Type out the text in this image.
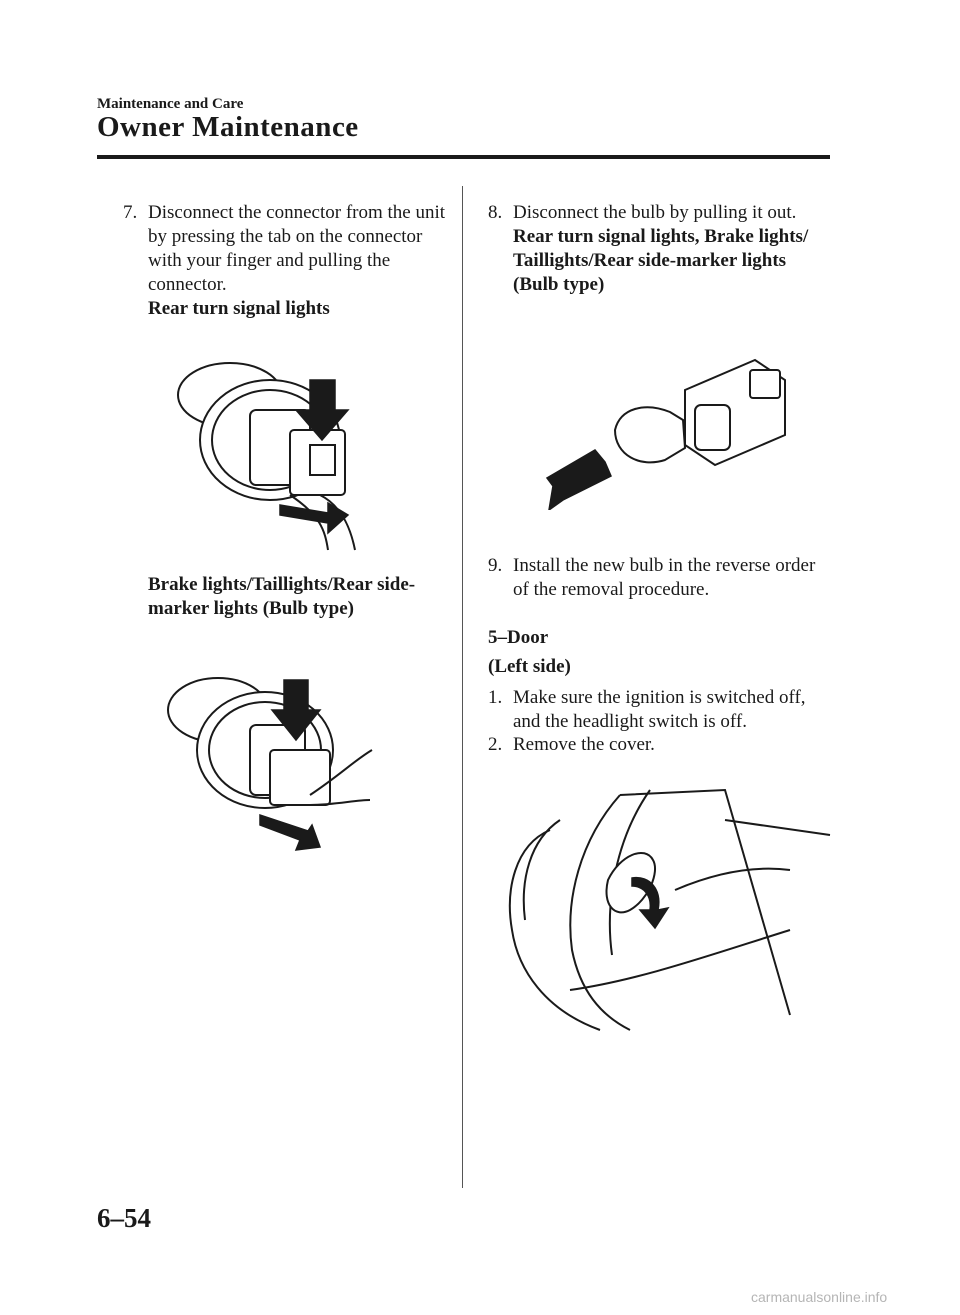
Maintenance and Care
Owner Maintenance
7. Disconnect the connector from the unit
by pressing the tab on the connector
with your finger and pulling the
connector.
Rear turn signal lights
Brake lights/Taillights/Rear side-
marker lights (Bulb type)
8. Disconnect the bulb by pulling it out.
Rear turn signal lights, Brake lights/
Taillights/Rear side-marker lights
(Bulb type)
9. Install the new bulb in the reverse order
of the removal procedure.
5–Door
(Left side)
1. Make sure the ignition is switched off,
and the headlight switch is off.
2. Remove the cover.
6–54
carmanualsonline.info
